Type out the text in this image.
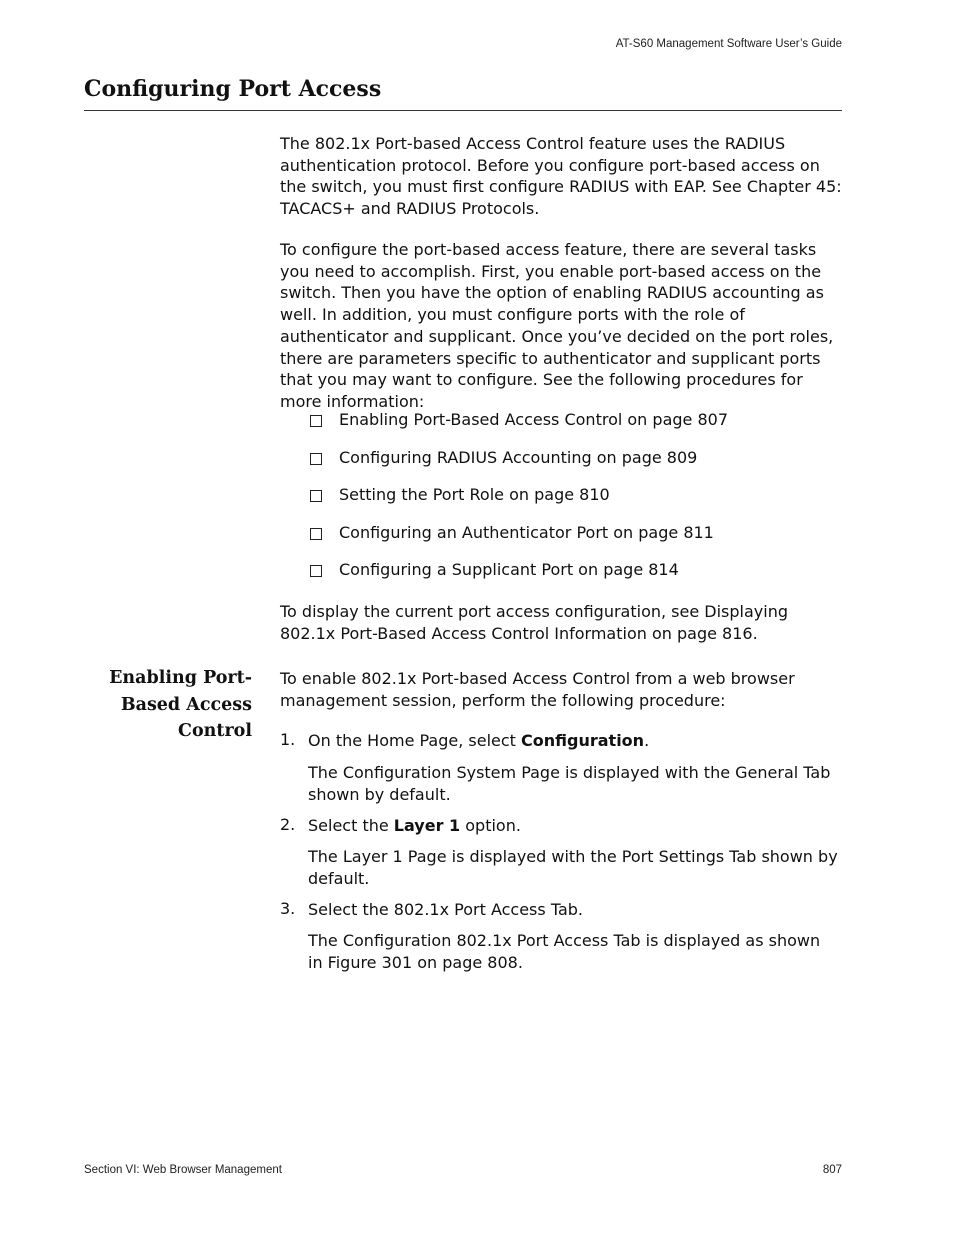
AT-S60 Management Software User’s Guide
Configuring Port Access

The 802.1x Port-based Access Control feature uses the RADIUS authentication protocol. Before you configure port-based access on the switch, you must first configure RADIUS with EAP. See Chapter 45: TACACS+ and RADIUS Protocols.

To configure the port-based access feature, there are several tasks you need to accomplish. First, you enable port-based access on the switch. Then you have the option of enabling RADIUS accounting as well. In addition, you must configure ports with the role of authenticator and supplicant. Once you’ve decided on the port roles, there are parameters specific to authenticator and supplicant ports that you may want to configure. See the following procedures for more information:

Enabling Port-Based Access Control on page 807
Configuring RADIUS Accounting on page 809
Setting the Port Role on page 810
Configuring an Authenticator Port on page 811
Configuring a Supplicant Port on page 814

To display the current port access configuration, see Displaying 802.1x Port-Based Access Control Information on page 816.

Enabling Port-
Based Access
Control

To enable 802.1x Port-based Access Control from a web browser management session, perform the following procedure:

1. On the Home Page, select Configuration.
The Configuration System Page is displayed with the General Tab shown by default.
2. Select the Layer 1 option.
The Layer 1 Page is displayed with the Port Settings Tab shown by default.
3. Select the 802.1x Port Access Tab.
The Configuration 802.1x Port Access Tab is displayed as shown in Figure 301 on page 808.
Section VI: Web Browser Management	807
